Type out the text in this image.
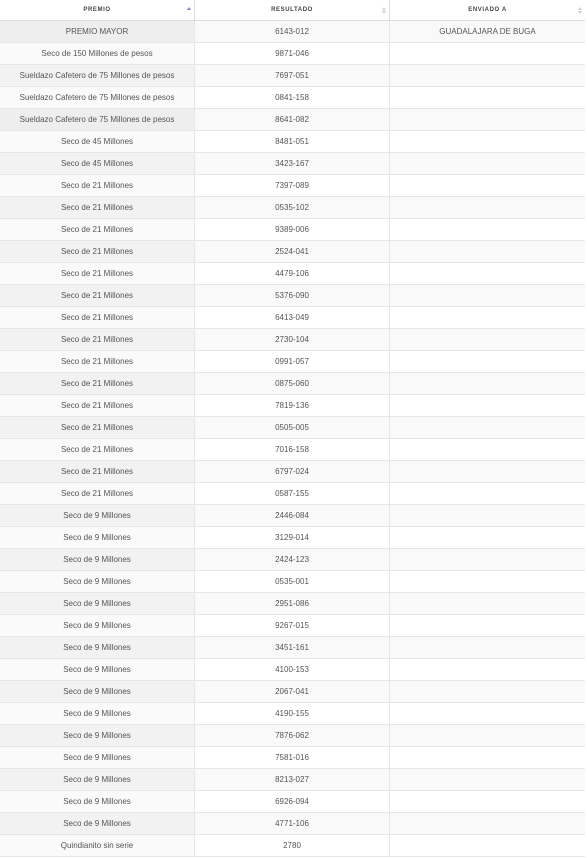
PREMIO	RESULTADO	ENVIADO A
PREMIO MAYOR	6143-012	GUADALAJARA DE BUGA
Seco de 150 Millones de pesos	9871-046
Sueldazo Cafetero de 75 Millones de pesos	7697-051
Sueldazo Cafetero de 75 Millones de pesos	0841-158
Sueldazo Cafetero de 75 Millones de pesos	8641-082
Seco de 45 Millones	8481-051
Seco de 45 Millones	3423-167
Seco de 21 Millones	7397-089
Seco de 21 Millones	0535-102
Seco de 21 Millones	9389-006
Seco de 21 Millones	2524-041
Seco de 21 Millones	4479-106
Seco de 21 Millones	5376-090
Seco de 21 Millones	6413-049
Seco de 21 Millones	2730-104
Seco de 21 Millones	0991-057
Seco de 21 Millones	0875-060
Seco de 21 Millones	7819-136
Seco de 21 Millones	0505-005
Seco de 21 Millones	7016-158
Seco de 21 Millones	6797-024
Seco de 21 Millones	0587-155
Seco de 9 Millones	2446-084
Seco de 9 Millones	3129-014
Seco de 9 Millones	2424-123
Seco de 9 Millones	0535-001
Seco de 9 Millones	2951-086
Seco de 9 Millones	9267-015
Seco de 9 Millones	3451-161
Seco de 9 Millones	4100-153
Seco de 9 Millones	2067-041
Seco de 9 Millones	4190-155
Seco de 9 Millones	7876-062
Seco de 9 Millones	7581-016
Seco de 9 Millones	8213-027
Seco de 9 Millones	6926-094
Seco de 9 Millones	4771-106
Quindianito sin serie	2780
